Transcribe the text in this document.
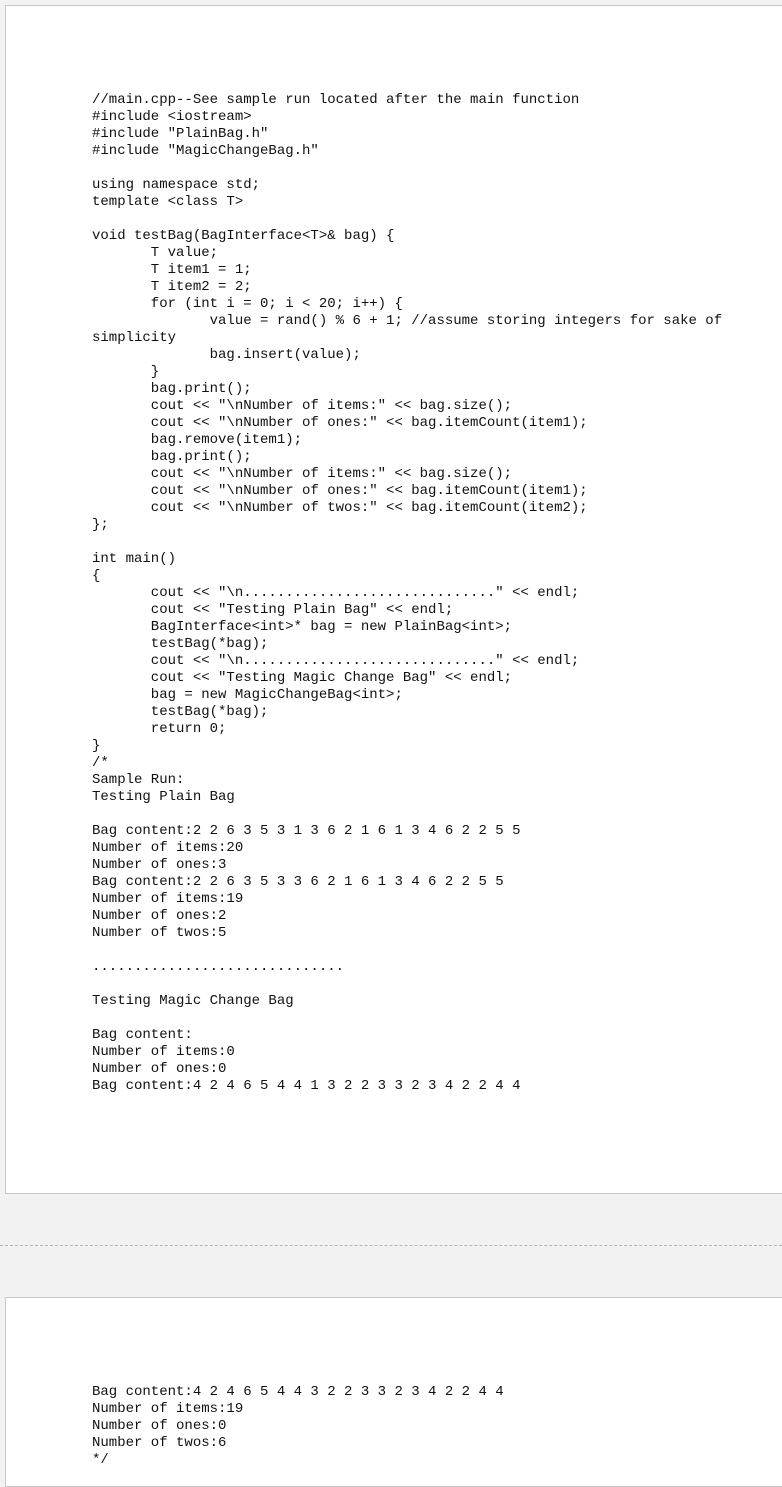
//main.cpp--See sample run located after the main function
#include <iostream>
#include "PlainBag.h"
#include "MagicChangeBag.h"
using namespace std;
template <class T>
void testBag(BagInterface<T>& bag) {
T value;
T item1 = 1;
T item2 = 2;
for (int i = 0; i < 20; i++) {
value = rand() % 6 + 1; //assume storing integers for sake of
simplicity
bag.insert(value);
}
bag.print();
cout << "\nNumber of items:" << bag.size();
cout << "\nNumber of ones:" << bag.itemCount(item1);
bag.remove(item1);
bag.print();
cout << "\nNumber of items:" << bag.size();
cout << "\nNumber of ones:" << bag.itemCount(item1);
cout << "\nNumber of twos:" << bag.itemCount(item2);
};
int main()
{
cout << "\n.............................." << endl;
cout << "Testing Plain Bag" << endl;
BagInterface<int>* bag = new PlainBag<int>;
testBag(*bag);
cout << "\n.............................." << endl;
cout << "Testing Magic Change Bag" << endl;
bag = new MagicChangeBag<int>;
testBag(*bag);
return 0;
}
/*
Sample Run:
Testing Plain Bag
Bag content:2 2 6 3 5 3 1 3 6 2 1 6 1 3 4 6 2 2 5 5
Number of items:20
Number of ones:3
Bag content:2 2 6 3 5 3 3 6 2 1 6 1 3 4 6 2 2 5 5
Number of items:19
Number of ones:2
Number of twos:5
..............................
Testing Magic Change Bag
Bag content:
Number of items:0
Number of ones:0
Bag content:4 2 4 6 5 4 4 1 3 2 2 3 3 2 3 4 2 2 4 4
Bag content:4 2 4 6 5 4 4 3 2 2 3 3 2 3 4 2 2 4 4
Number of items:19
Number of ones:0
Number of twos:6
*/
